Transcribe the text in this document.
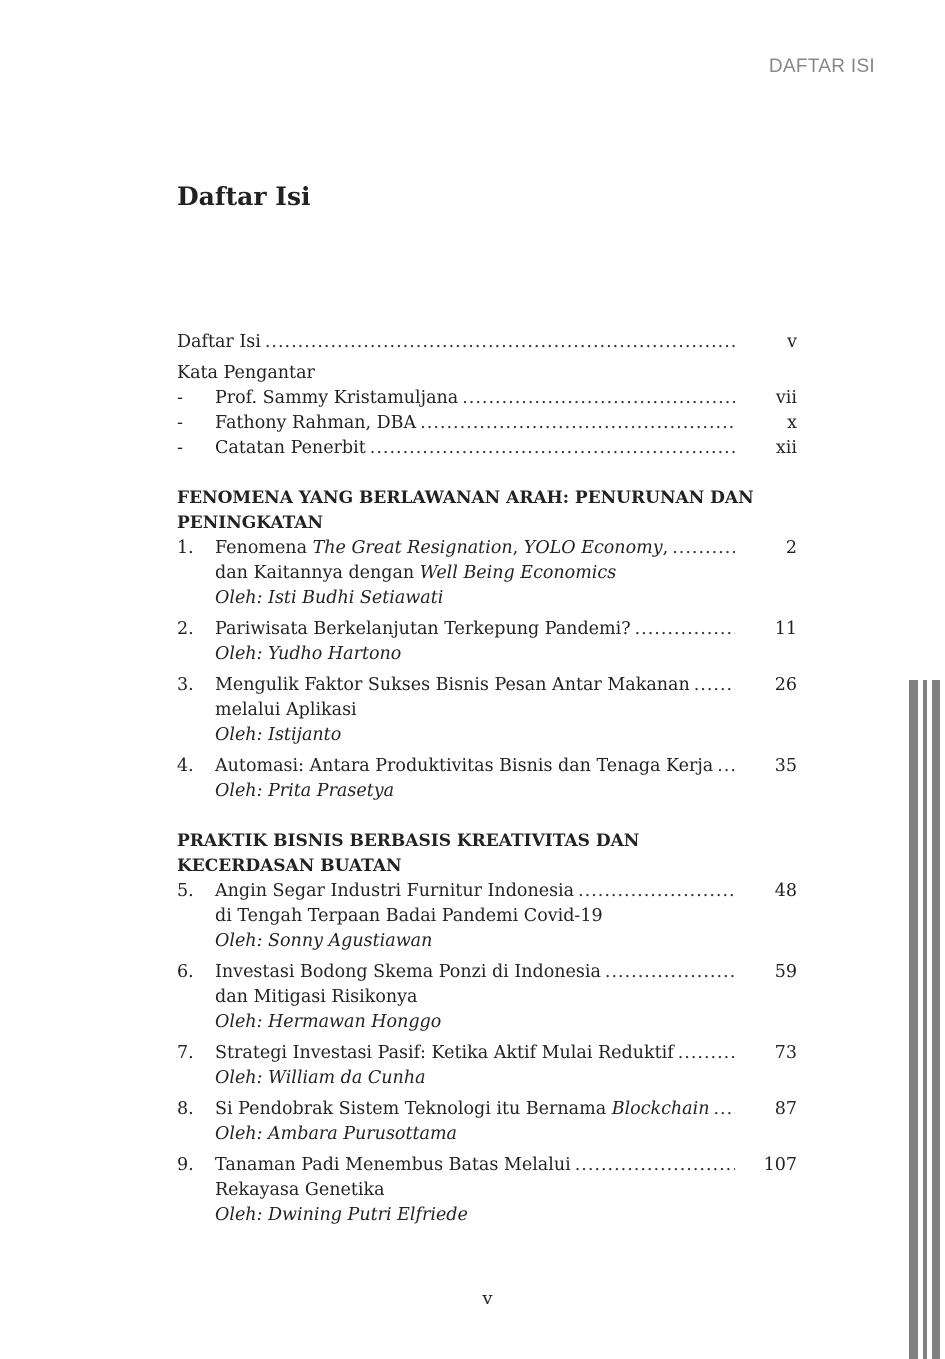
DAFTAR ISI
Daftar Isi
Daftar Isi .....	v
Kata Pengantar
-	Prof. Sammy Kristamuljana .....	vii
-	Fathony Rahman, DBA .....	x
-	Catatan Penerbit .....	xii
FENOMENA YANG BERLAWANAN ARAH: PENURUNAN DAN
PENINGKATAN
1.	Fenomena The Great Resignation, YOLO Economy, .....	2
dan Kaitannya dengan Well Being Economics
Oleh: Isti Budhi Setiawati
2.	Pariwisata Berkelanjutan Terkepung Pandemi? .....	11
Oleh: Yudho Hartono
3.	Mengulik Faktor Sukses Bisnis Pesan Antar Makanan .....	26
melalui Aplikasi
Oleh: Istijanto
4.	Automasi: Antara Produktivitas Bisnis dan Tenaga Kerja .....	35
Oleh: Prita Prasetya
PRAKTIK BISNIS BERBASIS KREATIVITAS DAN
KECERDASAN BUATAN
5.	Angin Segar Industri Furnitur Indonesia .....	48
di Tengah Terpaan Badai Pandemi Covid-19
Oleh: Sonny Agustiawan
6.	Investasi Bodong Skema Ponzi di Indonesia .....	59
dan Mitigasi Risikonya
Oleh: Hermawan Honggo
7.	Strategi Investasi Pasif: Ketika Aktif Mulai Reduktif .....	73
Oleh: William da Cunha
8.	Si Pendobrak Sistem Teknologi itu Bernama Blockchain .....	87
Oleh: Ambara Purusottama
9.	Tanaman Padi Menembus Batas Melalui .....	107
Rekayasa Genetika
Oleh: Dwining Putri Elfriede
v
